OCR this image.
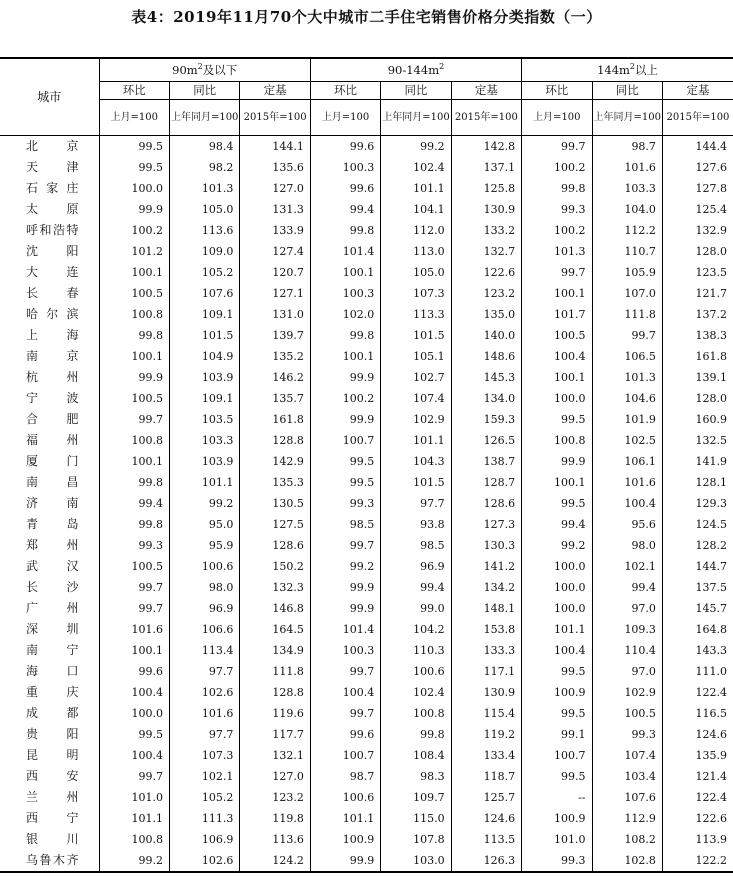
表4：2019年11月70个大中城市二手住宅销售价格分类指数（一）
城市	$90m^2$及以下			$90-144m^2$			$144m^2$以上		
	环比	同比	定基	环比	同比	定基	环比	同比	定基
	上月=100	上年同月=100	2015年=100	上月=100	上年同月=100	2015年=100	上月=100	上年同月=100	2015年=100
北京	99.5	98.4	144.1	99.6	99.2	142.8	99.7	98.7	144.4
天津	99.5	98.2	135.6	100.3	102.4	137.1	100.2	101.6	127.6
石家庄	100.0	101.3	127.0	99.6	101.1	125.8	99.8	103.3	127.8
太原	99.9	105.0	131.3	99.4	104.1	130.9	99.3	104.0	125.4
呼和浩特	100.2	113.6	133.9	99.8	112.0	133.2	100.2	112.2	132.9
沈阳	101.2	109.0	127.4	101.4	113.0	132.7	101.3	110.7	128.0
大连	100.1	105.2	120.7	100.1	105.0	122.6	99.7	105.9	123.5
长春	100.5	107.6	127.1	100.3	107.3	123.2	100.1	107.0	121.7
哈尔滨	100.8	109.1	131.0	102.0	113.3	135.0	101.7	111.8	137.2
上海	99.8	101.5	139.7	99.8	101.5	140.0	100.5	99.7	138.3
南京	100.1	104.9	135.2	100.1	105.1	148.6	100.4	106.5	161.8
杭州	99.9	103.9	146.2	99.9	102.7	145.3	100.1	101.3	139.1
宁波	100.5	109.1	135.7	100.2	107.4	134.0	100.0	104.6	128.0
合肥	99.7	103.5	161.8	99.9	102.9	159.3	99.5	101.9	160.9
福州	100.8	103.3	128.8	100.7	101.1	126.5	100.8	102.5	132.5
厦门	100.1	103.9	142.9	99.5	104.3	138.7	99.9	106.1	141.9
南昌	99.8	101.1	135.3	99.5	101.5	128.7	100.1	101.6	128.1
济南	99.4	99.2	130.5	99.3	97.7	128.6	99.5	100.4	129.3
青岛	99.8	95.0	127.5	98.5	93.8	127.3	99.4	95.6	124.5
郑州	99.3	95.9	128.6	99.7	98.5	130.3	99.2	98.0	128.2
武汉	100.5	100.6	150.2	99.2	96.9	141.2	100.0	102.1	144.7
长沙	99.7	98.0	132.3	99.9	99.4	134.2	100.0	99.4	137.5
广州	99.7	96.9	146.8	99.9	99.0	148.1	100.0	97.0	145.7
深圳	101.6	106.6	164.5	101.4	104.2	153.8	101.1	109.3	164.8
南宁	100.1	113.4	134.9	100.3	110.3	133.3	100.4	110.4	143.3
海口	99.6	97.7	111.8	99.7	100.6	117.1	99.5	97.0	111.0
重庆	100.4	102.6	128.8	100.4	102.4	130.9	100.9	102.9	122.4
成都	100.0	101.6	119.6	99.7	100.8	115.4	99.5	100.5	116.5
贵阳	99.5	97.7	117.7	99.6	99.8	119.2	99.1	99.3	124.6
昆明	100.4	107.3	132.1	100.7	108.4	133.4	100.7	107.4	135.9
西安	99.7	102.1	127.0	98.7	98.3	118.7	99.5	103.4	121.4
兰州	101.0	105.2	123.2	100.6	109.7	125.7	--	107.6	122.4
西宁	101.1	111.3	119.8	101.1	115.0	124.6	100.9	112.9	122.6
银川	100.8	106.9	113.6	100.9	107.8	113.5	101.0	108.2	113.9
乌鲁木齐	99.2	102.6	124.2	99.9	103.0	126.3	99.3	102.8	122.2
